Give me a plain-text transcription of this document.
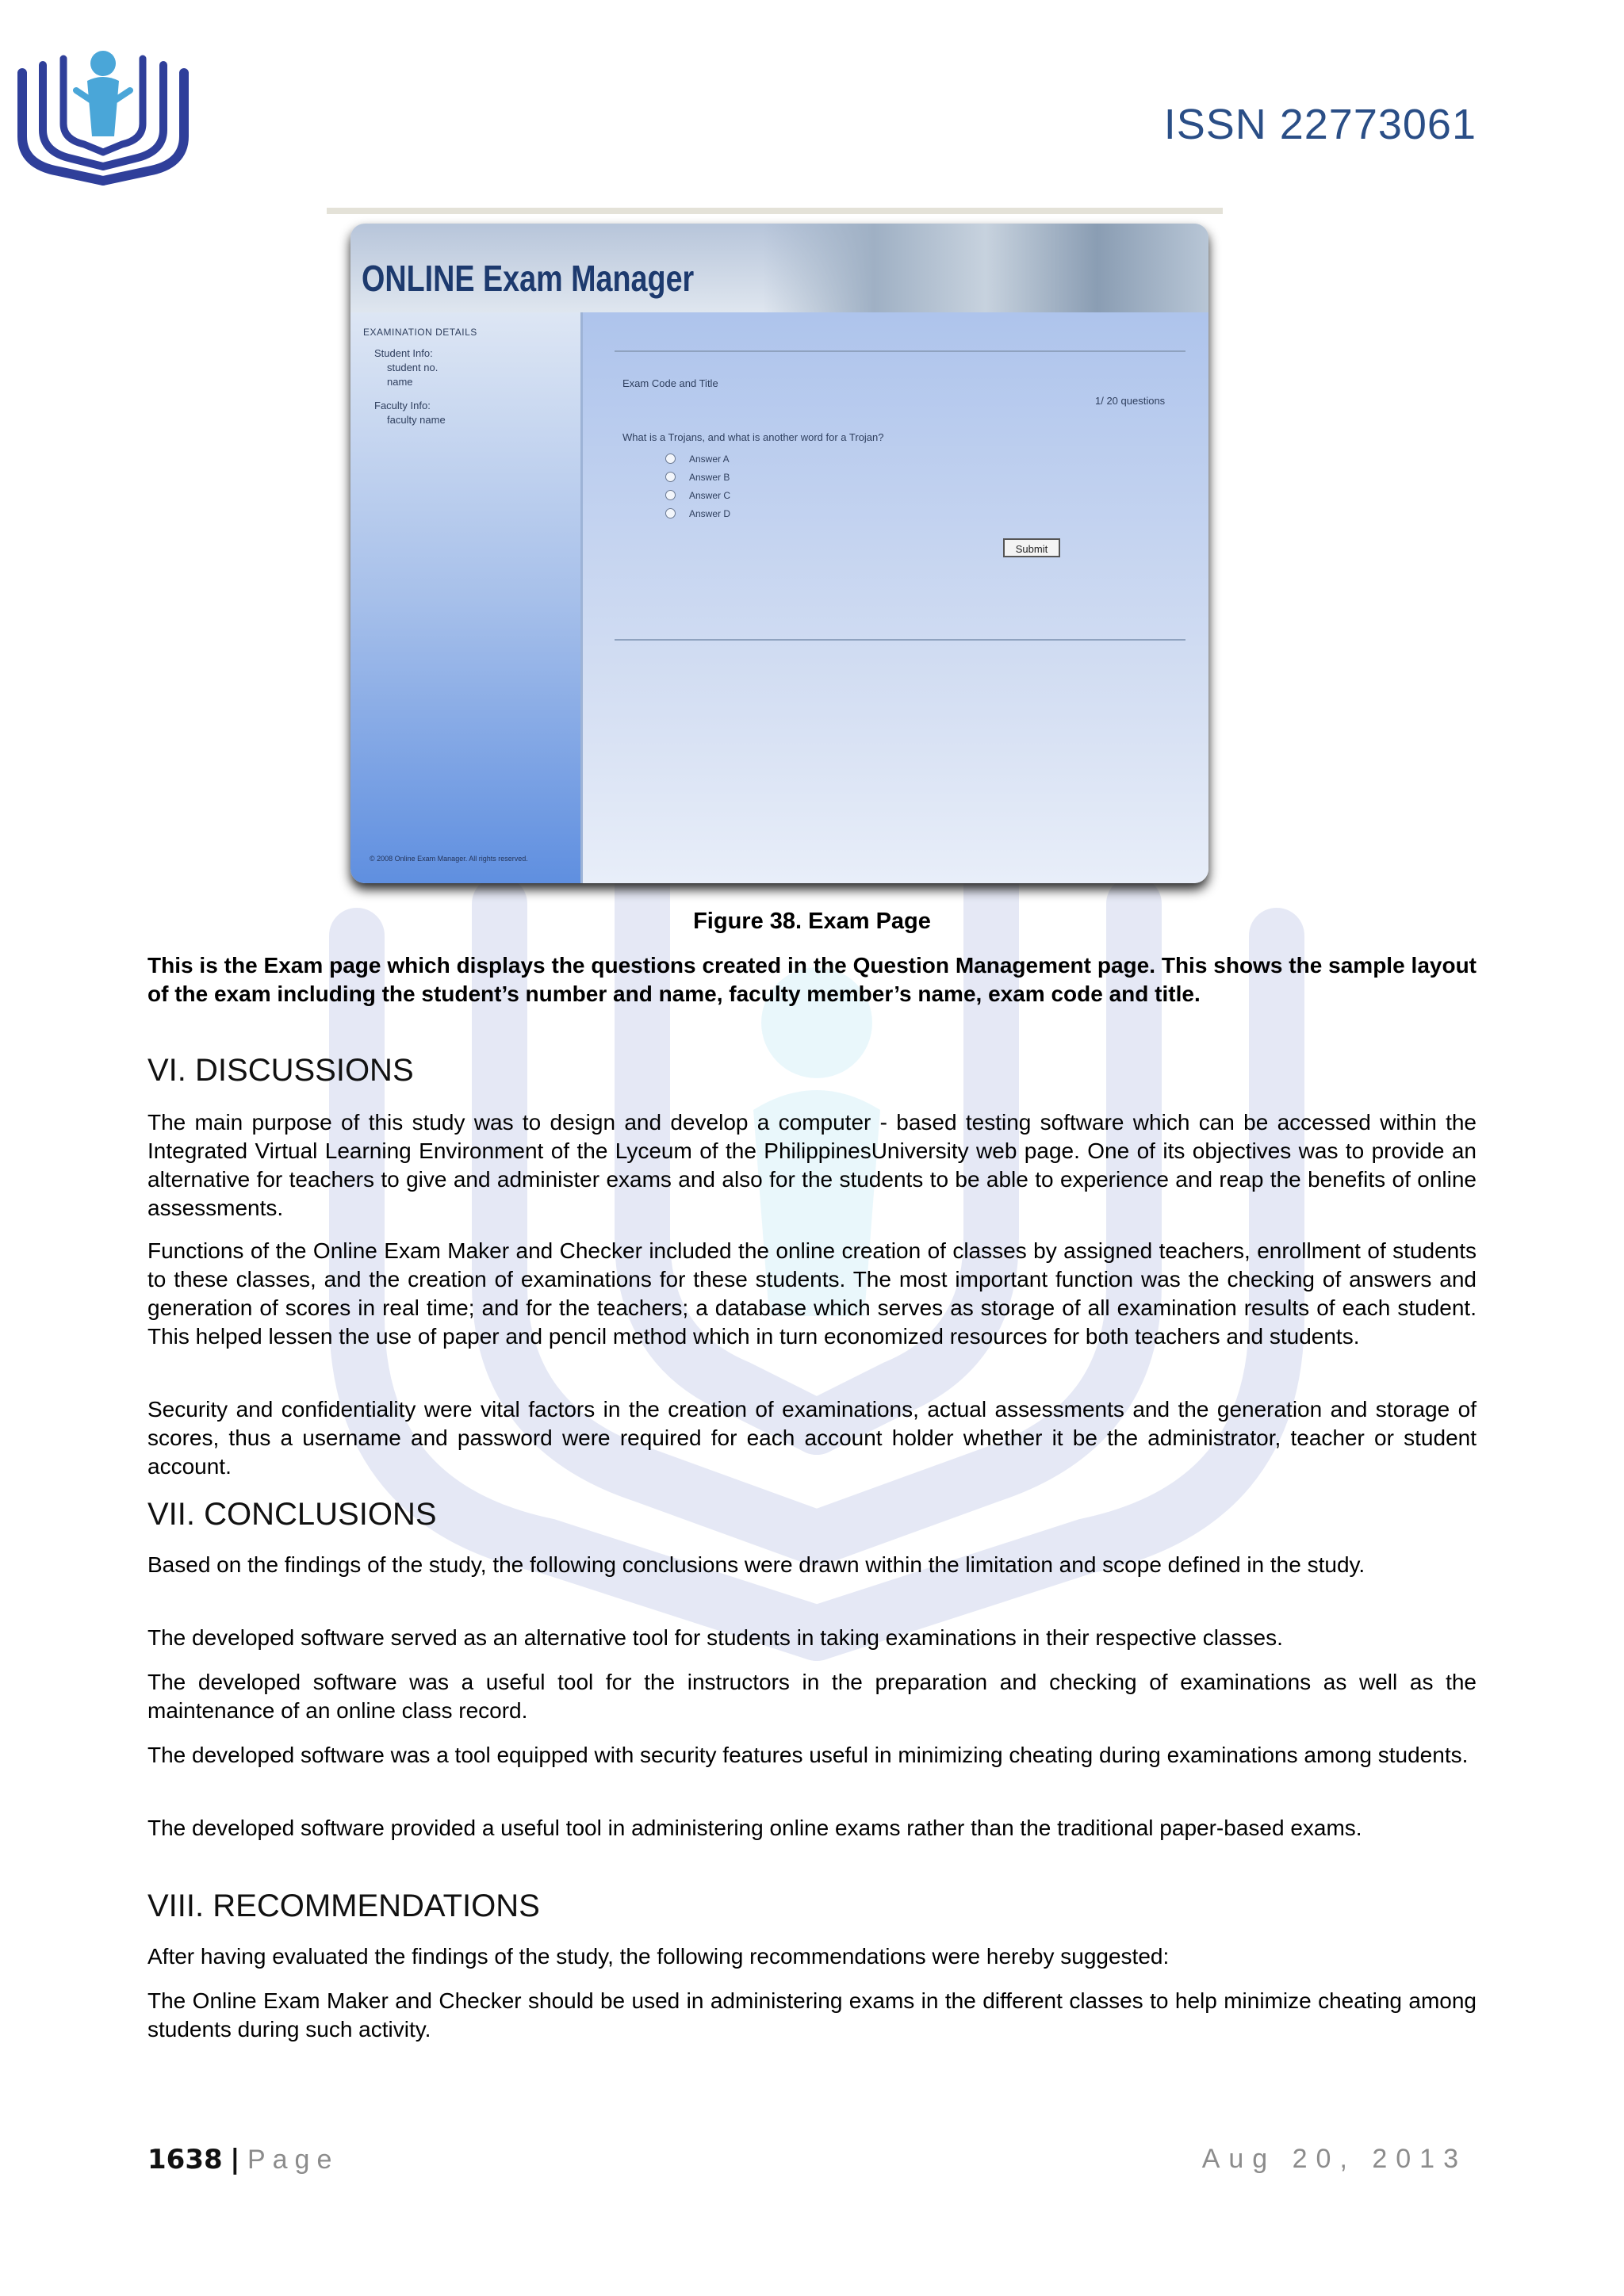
ISSN 22773061
ONLINE Exam Manager
EXAMINATION DETAILS
Student Info:
student no.
name
Faculty Info:
faculty name
© 2008 Online Exam Manager. All rights reserved.
Exam Code and Title
1/ 20 questions
What is a Trojans, and what is another word for a Trojan?
Answer A
Answer B
Answer C
Answer D
Submit
Figure 38. Exam Page
This is the Exam page which displays the questions created in the Question Management page. This shows the sample layout of the exam including the student’s number and name, faculty member’s name, exam code and title.
VI. DISCUSSIONS
The main purpose of this study was to design and develop a computer - based testing software which can be accessed within the Integrated Virtual Learning Environment of the Lyceum of the PhilippinesUniversity web page. One of its objectives was to provide an alternative for teachers to give and administer exams and also for the students to be able to experience and reap the benefits of online assessments.
Functions of the Online Exam Maker and Checker included the online creation of classes by assigned teachers, enrollment of students to these classes, and the creation of examinations for these students. The most important function was the checking of answers and generation of scores in real time; and for the teachers; a database which serves as storage of all examination results of each student. This helped lessen the use of paper and pencil method which in turn economized resources for both teachers and students.
Security and confidentiality were vital factors in the creation of examinations, actual assessments and the generation and storage of scores, thus a username and password were required for each account holder whether it be the administrator, teacher or student account.
VII. CONCLUSIONS
Based on the findings of the study, the following conclusions were drawn within the limitation and scope defined in the study.
The developed software served as an alternative tool for students in taking examinations in their respective classes.
The developed software was a useful tool for the instructors in the preparation and checking of examinations as well as the maintenance of an online class record.
The developed software was a tool equipped with security features useful in minimizing cheating during examinations among students.
The developed software provided a useful tool in administering online exams rather than the traditional paper-based exams.
VIII. RECOMMENDATIONS
After having evaluated the findings of the study, the following recommendations were hereby suggested:
The Online Exam Maker and Checker should be used in administering exams in the different classes to help minimize cheating among students during such activity.
1638 | Page	Aug 20, 2013
